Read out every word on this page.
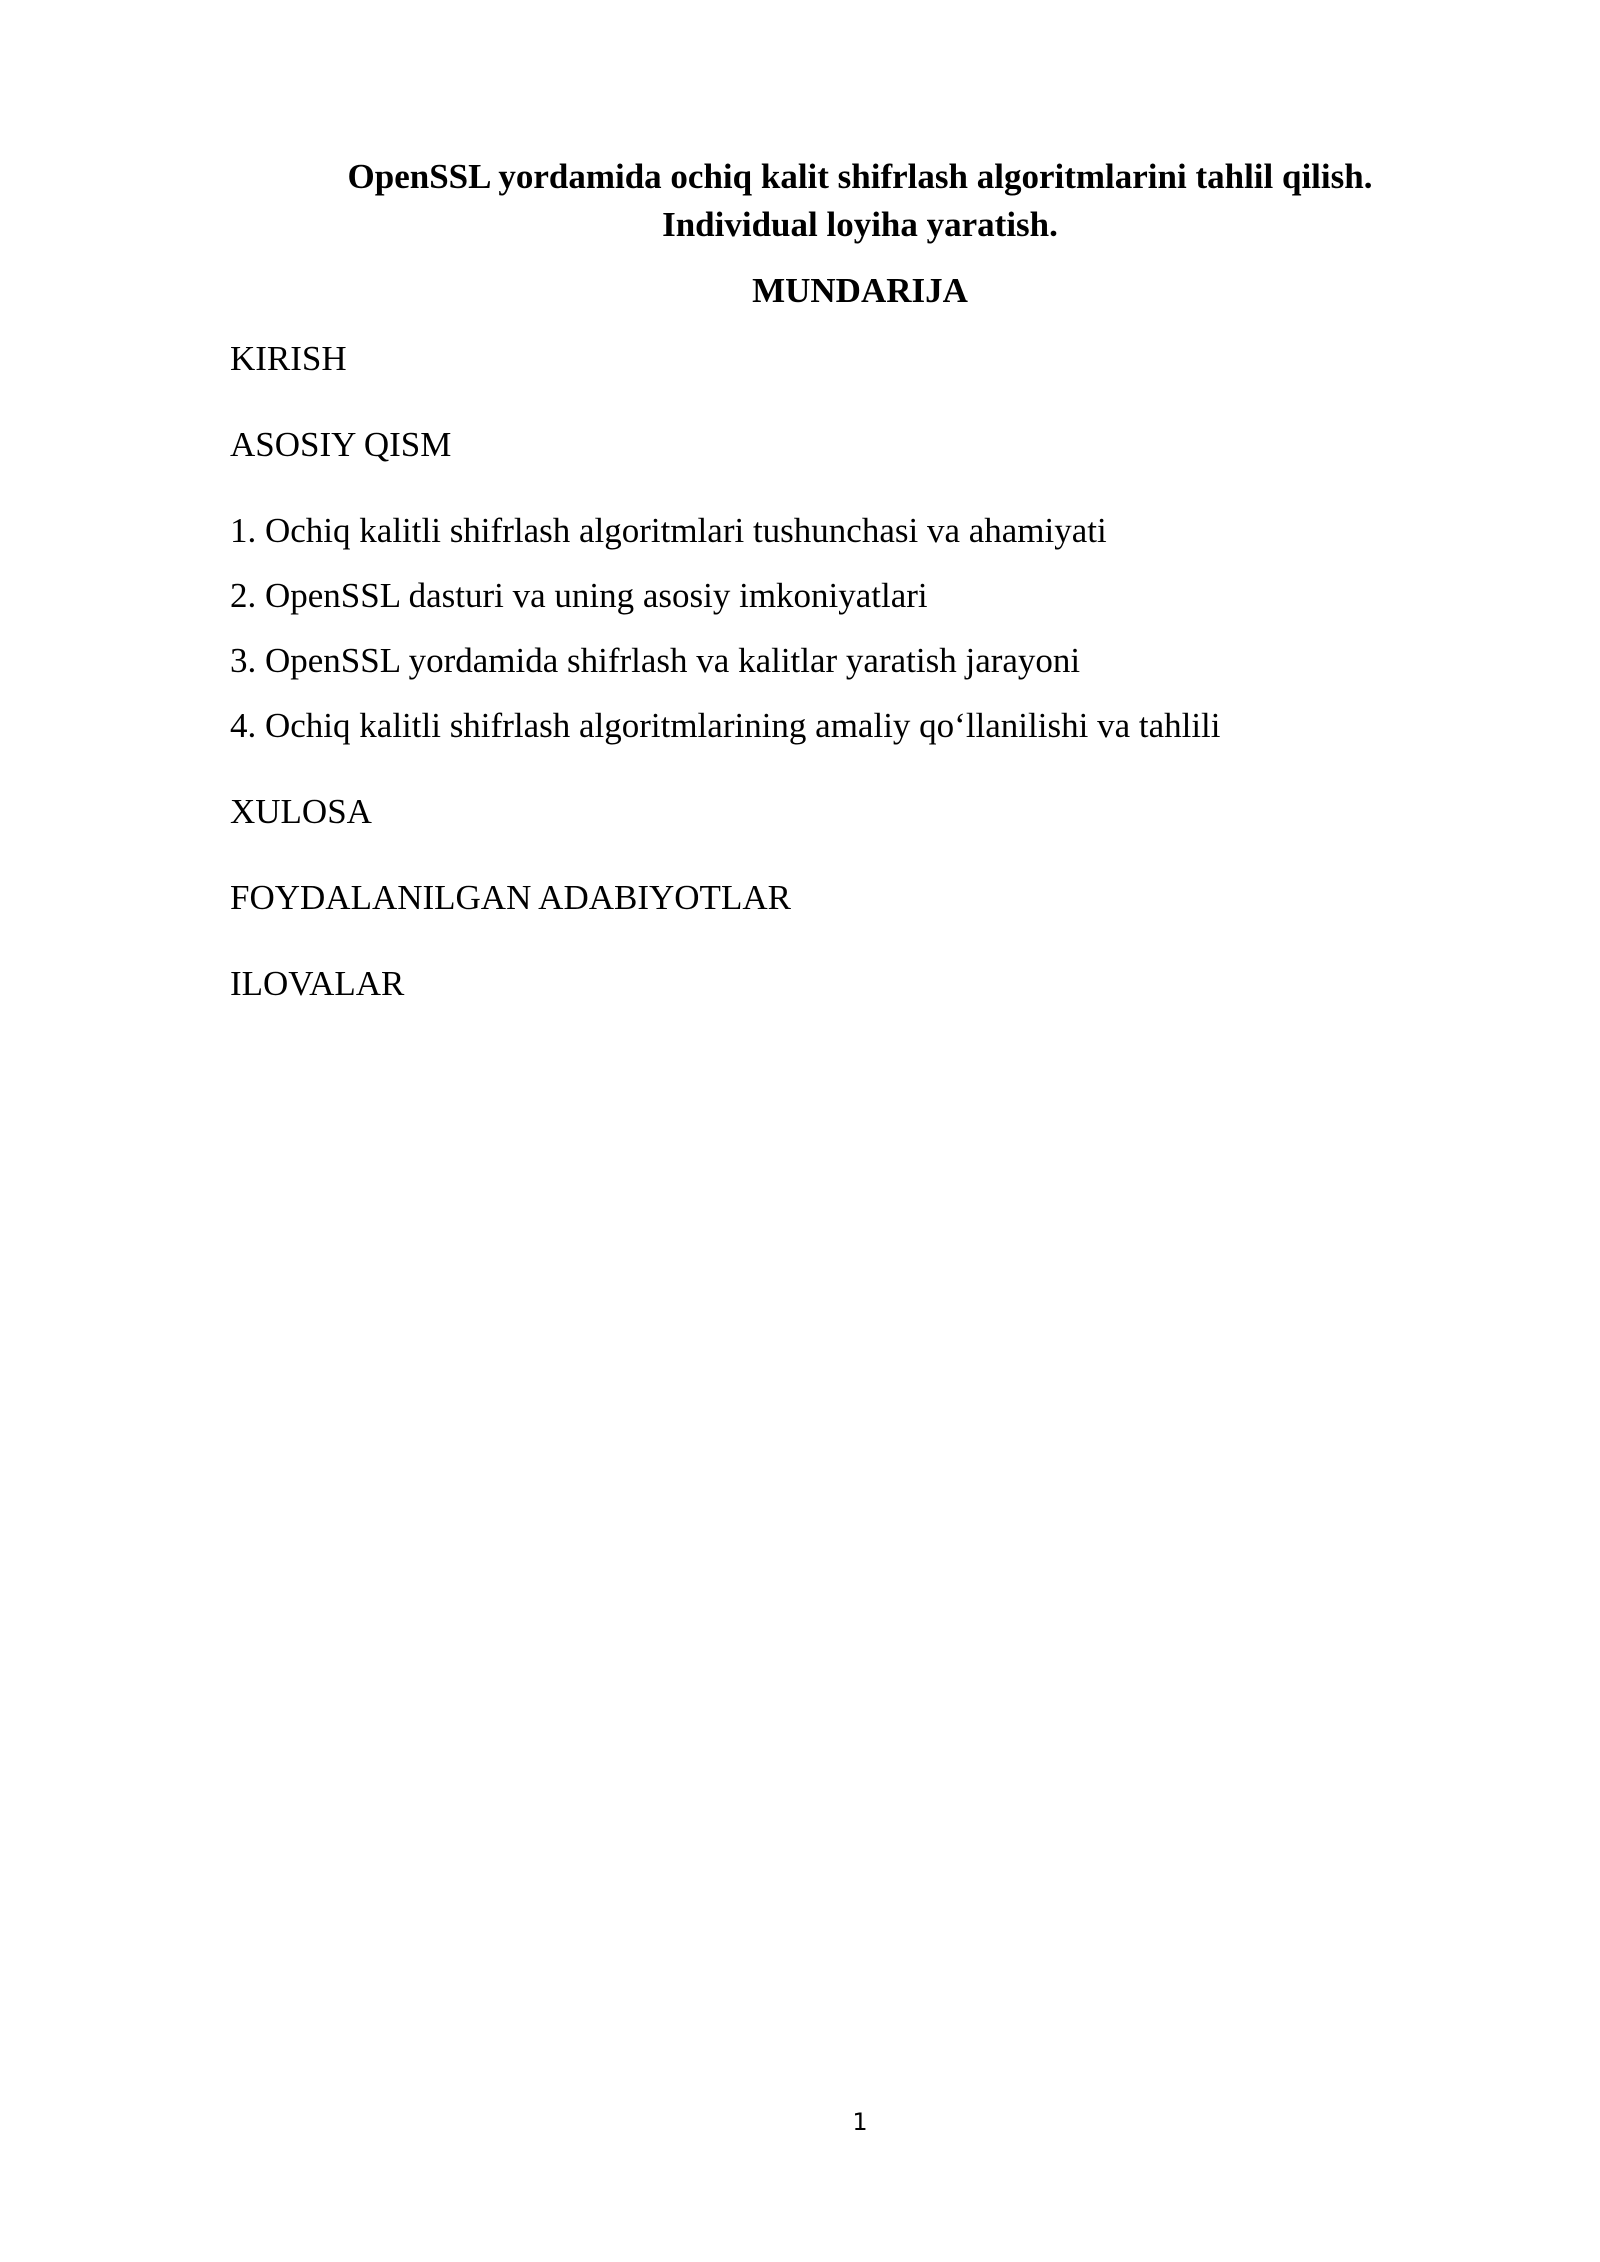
OpenSSL yordamida ochiq kalit shifrlash algoritmlarini tahlil qilish.
Individual loyiha yaratish.
MUNDARIJA
KIRISH
ASOSIY QISM
1. Ochiq kalitli shifrlash algoritmlari tushunchasi va ahamiyati
2. OpenSSL dasturi va uning asosiy imkoniyatlari
3. OpenSSL yordamida shifrlash va kalitlar yaratish jarayoni
4. Ochiq kalitli shifrlash algoritmlarining amaliy qo‘llanilishi va tahlili
XULOSA
FOYDALANILGAN ADABIYOTLAR
ILOVALAR
1
